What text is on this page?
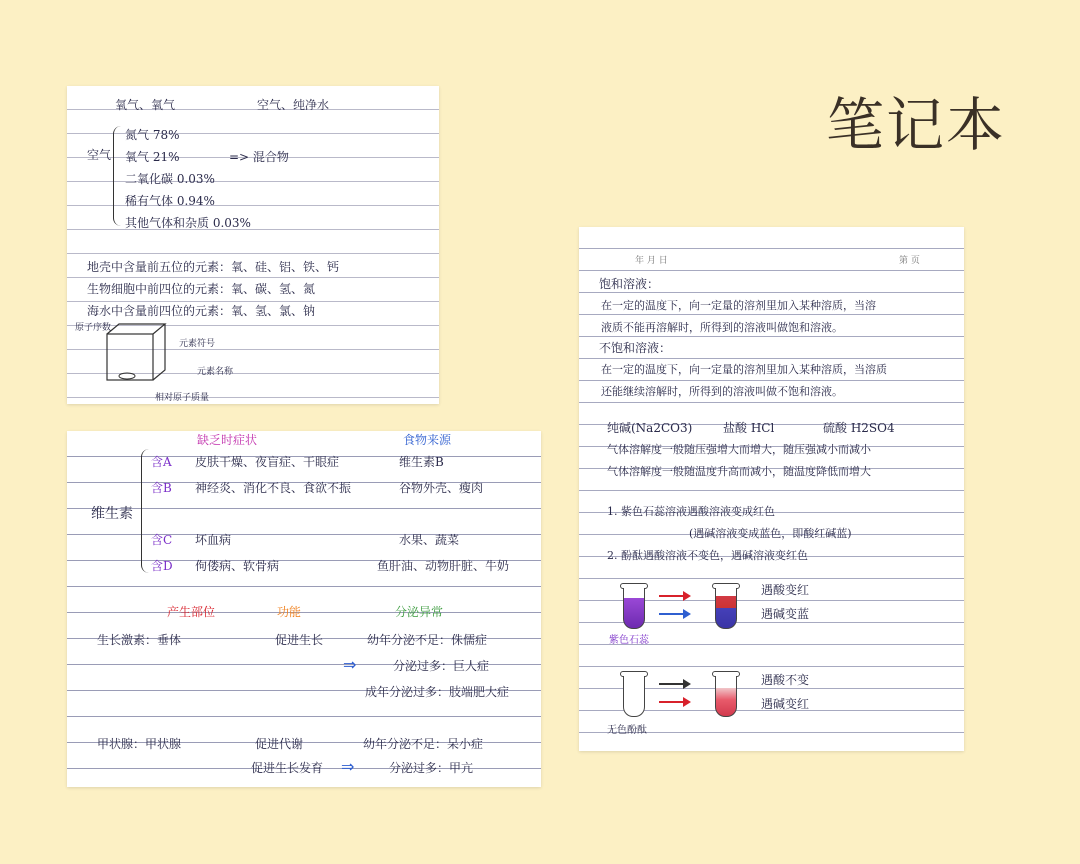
笔记本
氧气、氧气	空气、纯净水
空气
氮气 78%
氧气 21%	=> 混合物
二氧化碳 0.03%
稀有气体 0.94%
其他气体和杂质 0.03%
地壳中含量前五位的元素：氧、硅、铝、铁、钙
生物细胞中前四位的元素：氧、碳、氢、氮
海水中含量前四位的元素：氧、氢、氯、钠
原子序数
元素符号
元素名称
相对原子质量
缺乏时症状	食物来源
维生素
含A 皮肤干燥、夜盲症、干眼症	维生素B
含B 神经炎、消化不良、食欲不振	谷物外壳、瘦肉
含C 坏血病	水果、蔬菜
含D 佝偻病、软骨病	鱼肝油、动物肝脏、牛奶
产生部位	功能	分泌异常
生长激素：垂体	促进生长	幼年分泌不足：侏儒症
⇒	分泌过多：巨人症
成年分泌过多：肢端肥大症
甲状腺：甲状腺	促进代谢	幼年分泌不足：呆小症
促进生长发育 ⇒	分泌过多：甲亢
年 月 日	第 页
饱和溶液：
在一定的温度下，向一定量的溶剂里加入某种溶质，当溶
液质不能再溶解时，所得到的溶液叫做饱和溶液。
不饱和溶液：
在一定的温度下，向一定量的溶剂里加入某种溶质，当溶质
还能继续溶解时，所得到的溶液叫做不饱和溶液。
纯碱(Na2CO3)	盐酸 HCl	硫酸 H2SO4
气体溶解度一般随压强增大而增大，随压强减小而减小
气体溶解度一般随温度升高而减小，随温度降低而增大
1. 紫色石蕊溶液遇酸溶液变成红色
(遇碱溶液变成蓝色，即酸红碱蓝)
2. 酚酞遇酸溶液不变色，遇碱溶液变红色
遇酸变红
遇碱变蓝
紫色石蕊
遇酸不变
遇碱变红
无色酚酞
